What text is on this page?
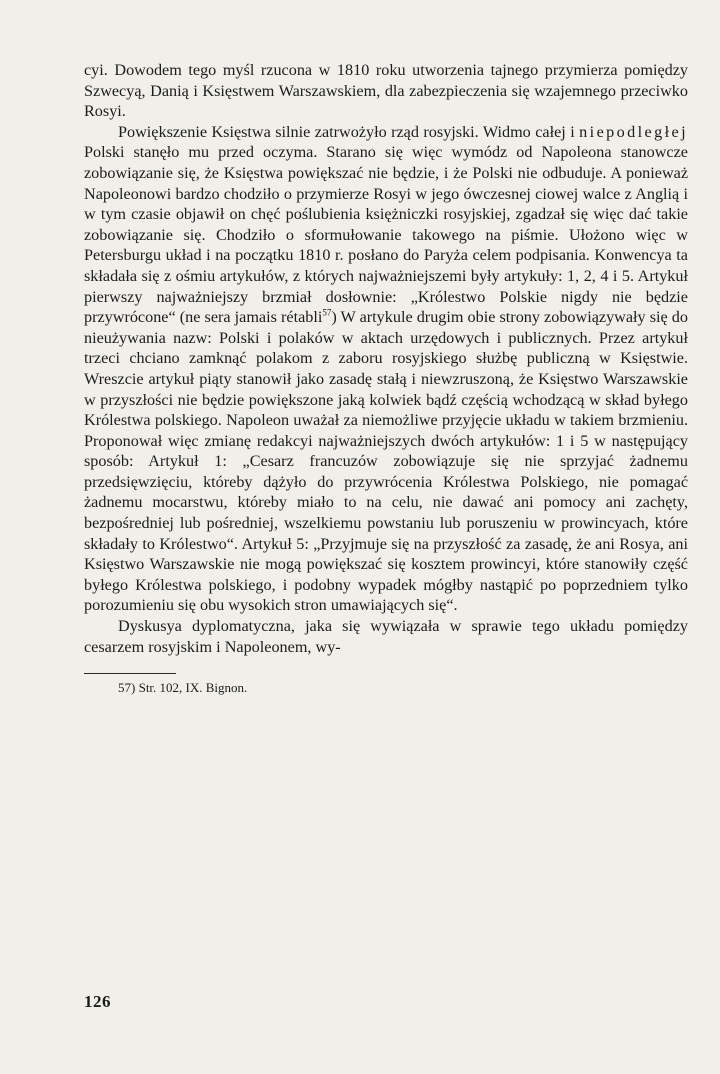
cyi. Dowodem tego myśl rzucona w 1810 roku utworzenia tajnego przymierza pomiędzy Szwecyą, Danią i Księstwem Warszawskiem, dla zabezpieczenia się wzajemnego przeciwko Rosyi.

Powiększenie Księstwa silnie zatrwożyło rząd rosyjski. Widmo całej i niepodległej Polski stanęło mu przed oczyma. Starano się więc wymódz od Napoleona stanowcze zobowiązanie się, że Księstwa powiększać nie będzie, i że Polski nie odbuduje. A ponieważ Napoleonowi bardzo chodziło o przymierze Rosyi w jego ówczesnej ciowej walce z Anglią i w tym czasie objawił on chęć poślubienia księżniczki rosyjskiej, zgadzał się więc dać takie zobowiązanie się. Chodziło o sformułowanie takowego na piśmie. Ułożono więc w Petersburgu układ i na początku 1810 r. posłano do Paryża celem podpisania. Konwencya ta składała się z ośmiu artykułów, z których najważniejszemi były artykuły: 1, 2, 4 i 5. Artykuł pierwszy najważniejszy brzmiał dosłownie: „Królestwo Polskie nigdy nie będzie przywrócone“ (ne sera jamais rétabli$^{57}$) W artykule drugim obie strony zobowiązywały się do nieużywania nazw: Polski i polaków w aktach urzędowych i publicznych. Przez artykuł trzeci chciano zamknąć polakom z zaboru rosyjskiego służbę publiczną w Księstwie. Wreszcie artykuł piąty stanowił jako zasadę stałą i niewzruszoną, że Księstwo Warszawskie w przyszłości nie będzie powiększone jaką kolwiek bądź częścią wchodzącą w skład byłego Królestwa polskiego. Napoleon uważał za niemożliwe przyjęcie układu w takiem brzmieniu. Proponował więc zmianę redakcyi najważniejszych dwóch artykułów: 1 i 5 w następujący sposób: Artykuł 1: „Cesarz francuzów zobowiązuje się nie sprzyjać żadnemu przedsięwzięciu, któreby dążyło do przywrócenia Królestwa Polskiego, nie pomagać żadnemu mocarstwu, któreby miało to na celu, nie dawać ani pomocy ani zachęty, bezpośredniej lub pośredniej, wszelkiemu powstaniu lub poruszeniu w prowincyach, które składały to Królestwo“. Artykuł 5: „Przyjmuje się na przyszłość za zasadę, że ani Rosya, ani Księstwo Warszawskie nie mogą powiększać się kosztem prowincyi, które stanowiły część byłego Królestwa polskiego, i podobny wypadek mógłby nastąpić po poprzedniem tylko porozumieniu się obu wysokich stron umawiających się“.

Dyskusya dyplomatyczna, jaka się wywiązała w sprawie tego układu pomiędzy cesarzem rosyjskim i Napoleonem, wy-

57) Str. 102, IX. Bignon.
126
